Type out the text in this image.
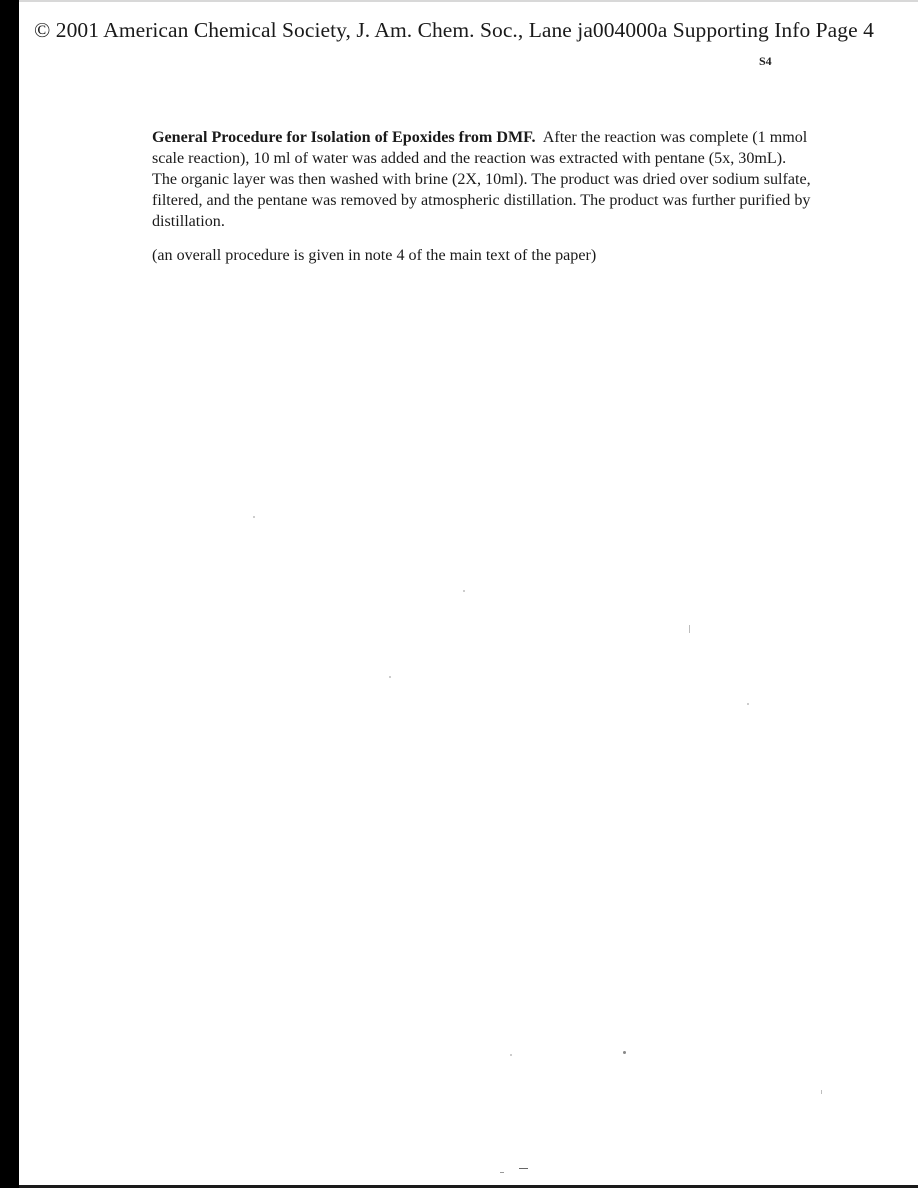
© 2001 American Chemical Society, J. Am. Chem. Soc., Lane ja004000a Supporting Info Page 4
S4

General Procedure for Isolation of Epoxides from DMF. After the reaction was complete (1 mmol scale reaction), 10 ml of water was added and the reaction was extracted with pentane (5x, 30mL). The organic layer was then washed with brine (2X, 10ml). The product was dried over sodium sulfate, filtered, and the pentane was removed by atmospheric distillation. The product was further purified by distillation.

(an overall procedure is given in note 4 of the main text of the paper)
